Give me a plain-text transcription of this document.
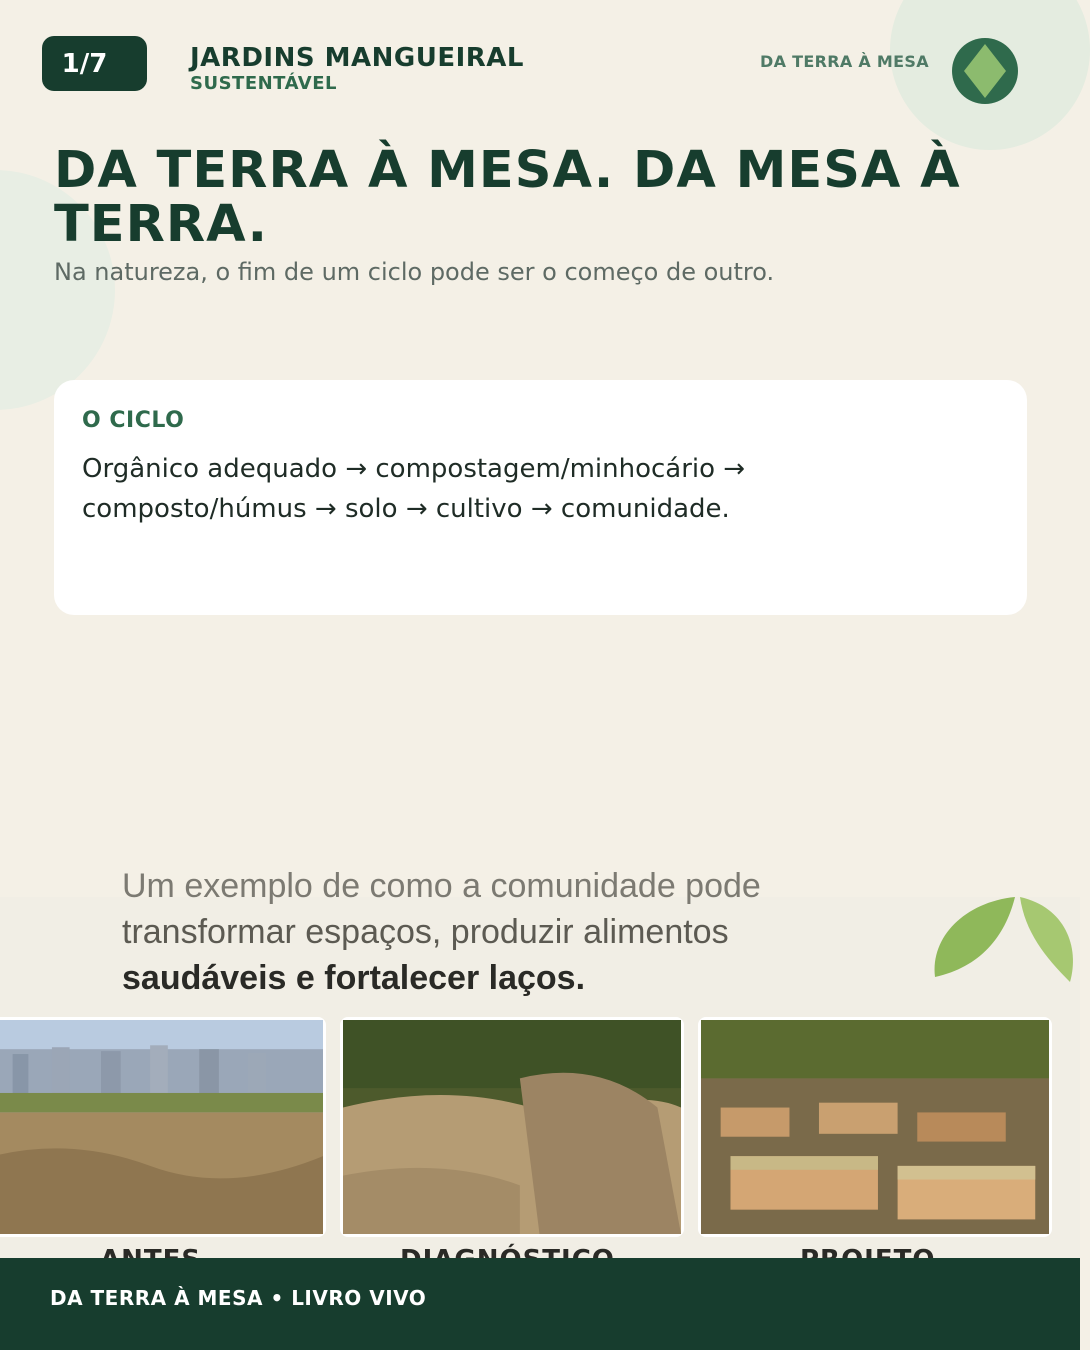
1/7	JARDINS MANGUEIRAL
SUSTENTÁVEL
DA TERRA À MESA
DA TERRA À MESA. DA MESA À TERRA.
Na natureza, o fim de um ciclo pode ser o começo de outro.
O CICLO
Orgânico adequado → compostagem/minhocário → composto/húmus → solo → cultivo → comunidade.
Um exemplo de como a comunidade pode
transformar espaços, produzir alimentos
saudáveis e fortalecer laços.
DA TERRA À MESA • LIVRO VIVO
